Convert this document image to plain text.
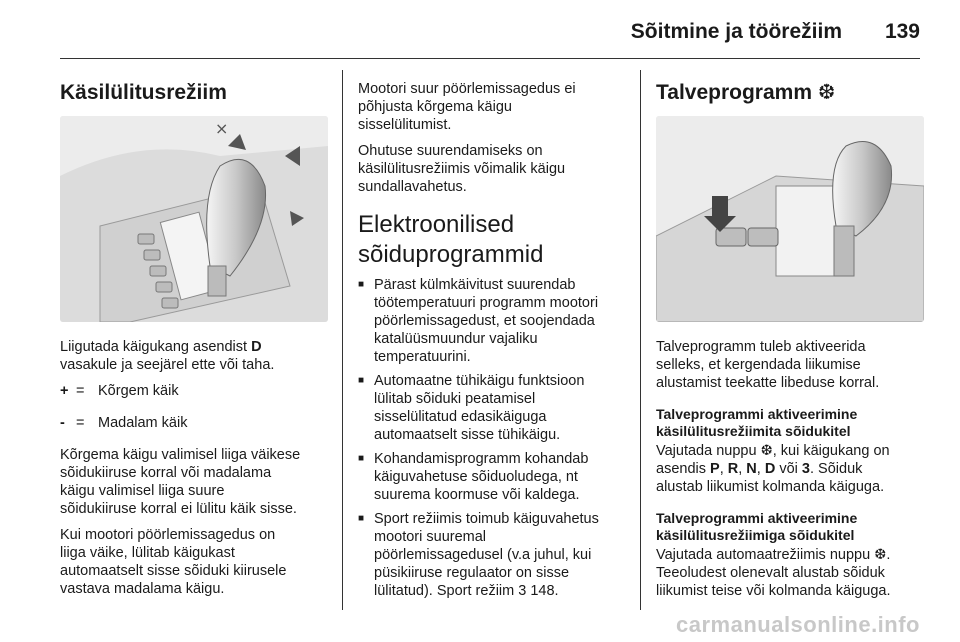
Sõitmine ja töörežiim 139
Käsilülitusrežiim
×

Liigutada käigukang asendist D
vasakule ja seejärel ette või taha.

+ = Kõrgem käik
- = Madalam käik

Kõrgema käigu valimisel liiga väikese
sõidukiiruse korral või madalama
käigu valimisel liiga suure
sõidukiiruse korral ei lülitu käik sisse.

Kui mootori pöörlemissagedus on
liiga väike, lülitab käigukast
automaatselt sisse sõiduki kiirusele
vastava madalama käigu.

Mootori suur pöörlemissagedus ei
põhjusta kõrgema käigu
sisselülitumist.

Ohutuse suurendamiseks on
käsilülitusrežiimis võimalik käigu
sundallavahetus.

Elektroonilised
sõiduprogrammid
■ Pärast külmkäivitust suurendab
töötemperatuuri programm mootori
pöörlemissagedust, et soojendada
katalüüsmuundur vajaliku
temperatuurini.
■ Automaatne tühikäigu funktsioon
lülitab sõiduki peatamisel
sisselülitatud edasikäiguga
automaatselt sisse tühikäigu.
■ Kohandamisprogramm kohandab
käiguvahetuse sõiduoludega, nt
suurema koormuse või kaldega.
■ Sport režiimis toimub käiguvahetus
mootori suuremal
pöörlemissagedusel (v.a juhul, kui
püsikiiruse regulaator on sisse
lülitatud). Sport režiim 3 148.
Talveprogramm ❆

Talveprogramm tuleb aktiveerida
selleks, et kergendada liikumise
alustamist teekatte libeduse korral.

Talveprogrammi aktiveerimine
käsilülitusrežiimita sõidukitel

Vajutada nuppu ❆, kui käigukang on
asendis P, R, N, D või 3. Sõiduk
alustab liikumist kolmanda käiguga.

Talveprogrammi aktiveerimine
käsilülitusrežiimiga sõidukitel

Vajutada automaatrežiimis nuppu ❆.
Teeoludest olenevalt alustab sõiduk
liikumist teise või kolmanda käiguga.

carmanualsonline.info
